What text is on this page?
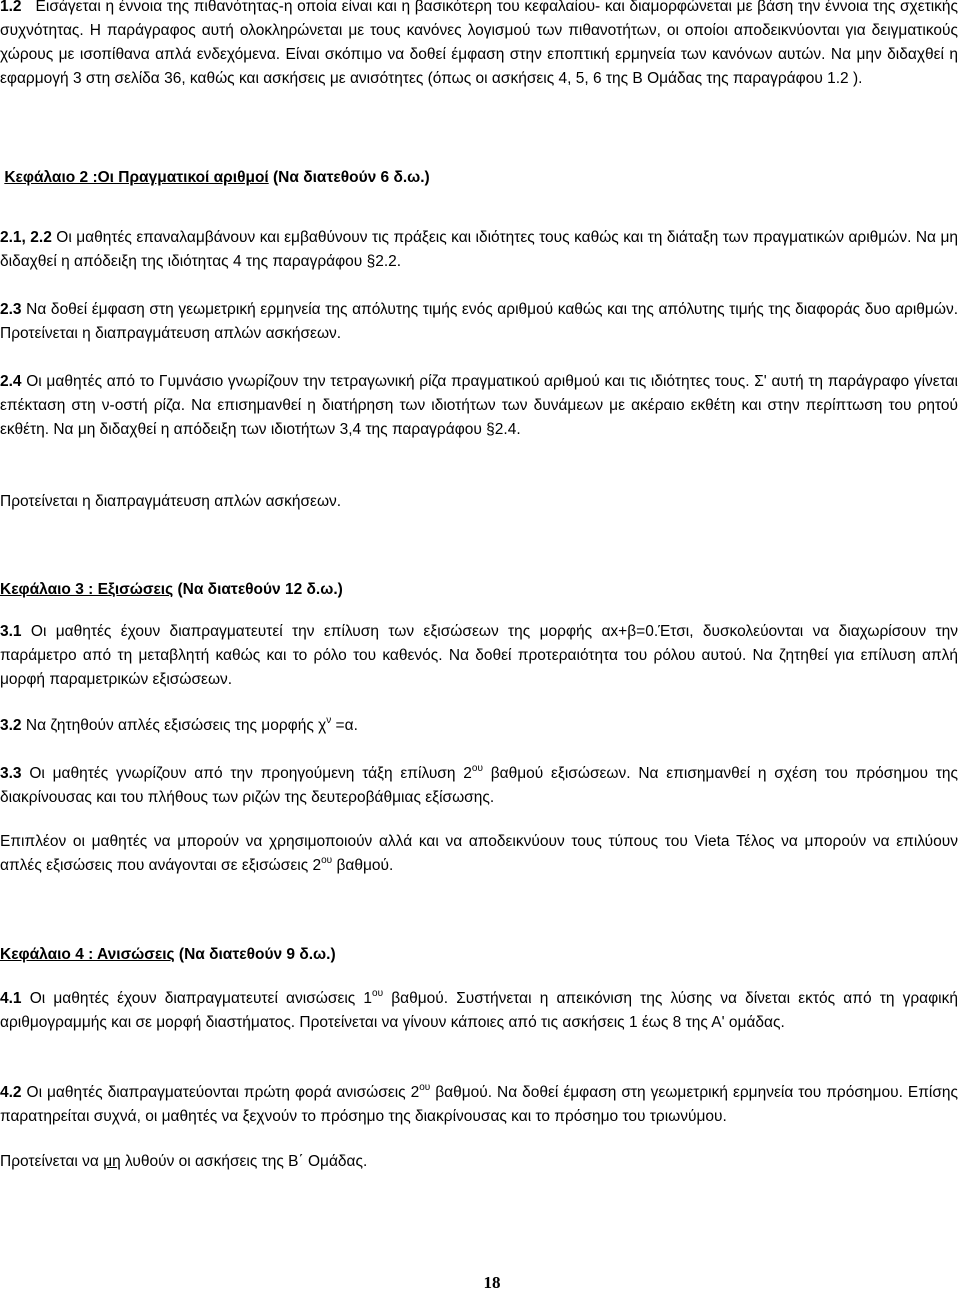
1.2 Εισάγεται η έννοια της πιθανότητας-η οποία είναι και η βασικότερη του κεφαλαίου- και διαμορφώνεται με βάση την έννοια της σχετικής συχνότητας. Η παράγραφος αυτή ολοκληρώνεται με τους κανόνες λογισμού των πιθανοτήτων, οι οποίοι αποδεικνύονται για δειγματικούς χώρους με ισοπίθανα απλά ενδεχόμενα. Είναι σκόπιμο να δοθεί έμφαση στην εποπτική ερμηνεία των κανόνων αυτών. Να μην διδαχθεί η εφαρμογή 3 στη σελίδα 36, καθώς και ασκήσεις με ανισότητες (όπως οι ασκήσεις 4, 5, 6 της Β Ομάδας της παραγράφου 1.2 ).

Κεφάλαιο 2 :Οι Πραγματικοί αριθμοί (Να διατεθούν 6 δ.ω.)

2.1, 2.2 Οι μαθητές επαναλαμβάνουν και εμβαθύνουν τις πράξεις και ιδιότητες τους καθώς και τη διάταξη των πραγματικών αριθμών. Να μη διδαχθεί η απόδειξη της ιδιότητας 4 της παραγράφου §2.2.

2.3 Να δοθεί έμφαση στη γεωμετρική ερμηνεία της απόλυτης τιμής ενός αριθμού καθώς και της απόλυτης τιμής της διαφοράς δυο αριθμών. Προτείνεται η διαπραγμάτευση απλών ασκήσεων.

2.4 Οι μαθητές από το Γυμνάσιο γνωρίζουν την τετραγωνική ρίζα πραγματικού αριθμού και τις ιδιότητες τους. Σ' αυτή τη παράγραφο γίνεται επέκταση στη ν-οστή ρίζα. Να επισημανθεί η διατήρηση των ιδιοτήτων των δυνάμεων με ακέραιο εκθέτη και στην περίπτωση του ρητού εκθέτη. Να μη διδαχθεί η απόδειξη των ιδιοτήτων 3,4 της παραγράφου §2.4.

Προτείνεται η διαπραγμάτευση απλών ασκήσεων.

Κεφάλαιο 3 : Εξισώσεις (Να διατεθούν 12 δ.ω.)

3.1 Οι μαθητές έχουν διαπραγματευτεί την επίλυση των εξισώσεων της μορφής αx+β=0.Έτσι, δυσκολεύονται να διαχωρίσουν την παράμετρο από τη μεταβλητή καθώς και το ρόλο του καθενός. Να δοθεί προτεραιότητα του ρόλου αυτού. Να ζητηθεί για επίλυση απλή μορφή παραμετρικών εξισώσεων.

3.2 Να ζητηθούν απλές εξισώσεις της μορφής $\chi^\nu =\alpha$.

3.3 Οι μαθητές γνωρίζουν από την προηγούμενη τάξη επίλυση $2^{o\upsilon}$ βαθμού εξισώσεων. Να επισημανθεί η σχέση του πρόσημου της διακρίνουσας και του πλήθους των ριζών της δευτεροβάθμιας εξίσωσης.

Επιπλέον οι μαθητές να μπορούν να χρησιμοποιούν αλλά και να αποδεικνύουν τους τύπους του Vieta Τέλος να μπορούν να επιλύουν απλές εξισώσεις που ανάγονται σε εξισώσεις $2^{o\upsilon}$ βαθμού.

Κεφάλαιο 4 : Ανισώσεις (Να διατεθούν 9 δ.ω.)

4.1 Οι μαθητές έχουν διαπραγματευτεί ανισώσεις $1^{o\upsilon}$ βαθμού. Συστήνεται η απεικόνιση της λύσης να δίνεται εκτός από τη γραφική αριθμογραμμής και σε μορφή διαστήματος. Προτείνεται να γίνουν κάποιες από τις ασκήσεις 1 έως 8 της Α' ομάδας.

4.2 Οι μαθητές διαπραγματεύονται πρώτη φορά ανισώσεις $2^{o\upsilon}$ βαθμού. Να δοθεί έμφαση στη γεωμετρική ερμηνεία του πρόσημου. Επίσης παρατηρείται συχνά, οι μαθητές να ξεχνούν το πρόσημο της διακρίνουσας και το πρόσημο του τριωνύμου.

Προτείνεται να μη λυθούν οι ασκήσεις της Β΄ Ομάδας.

18
